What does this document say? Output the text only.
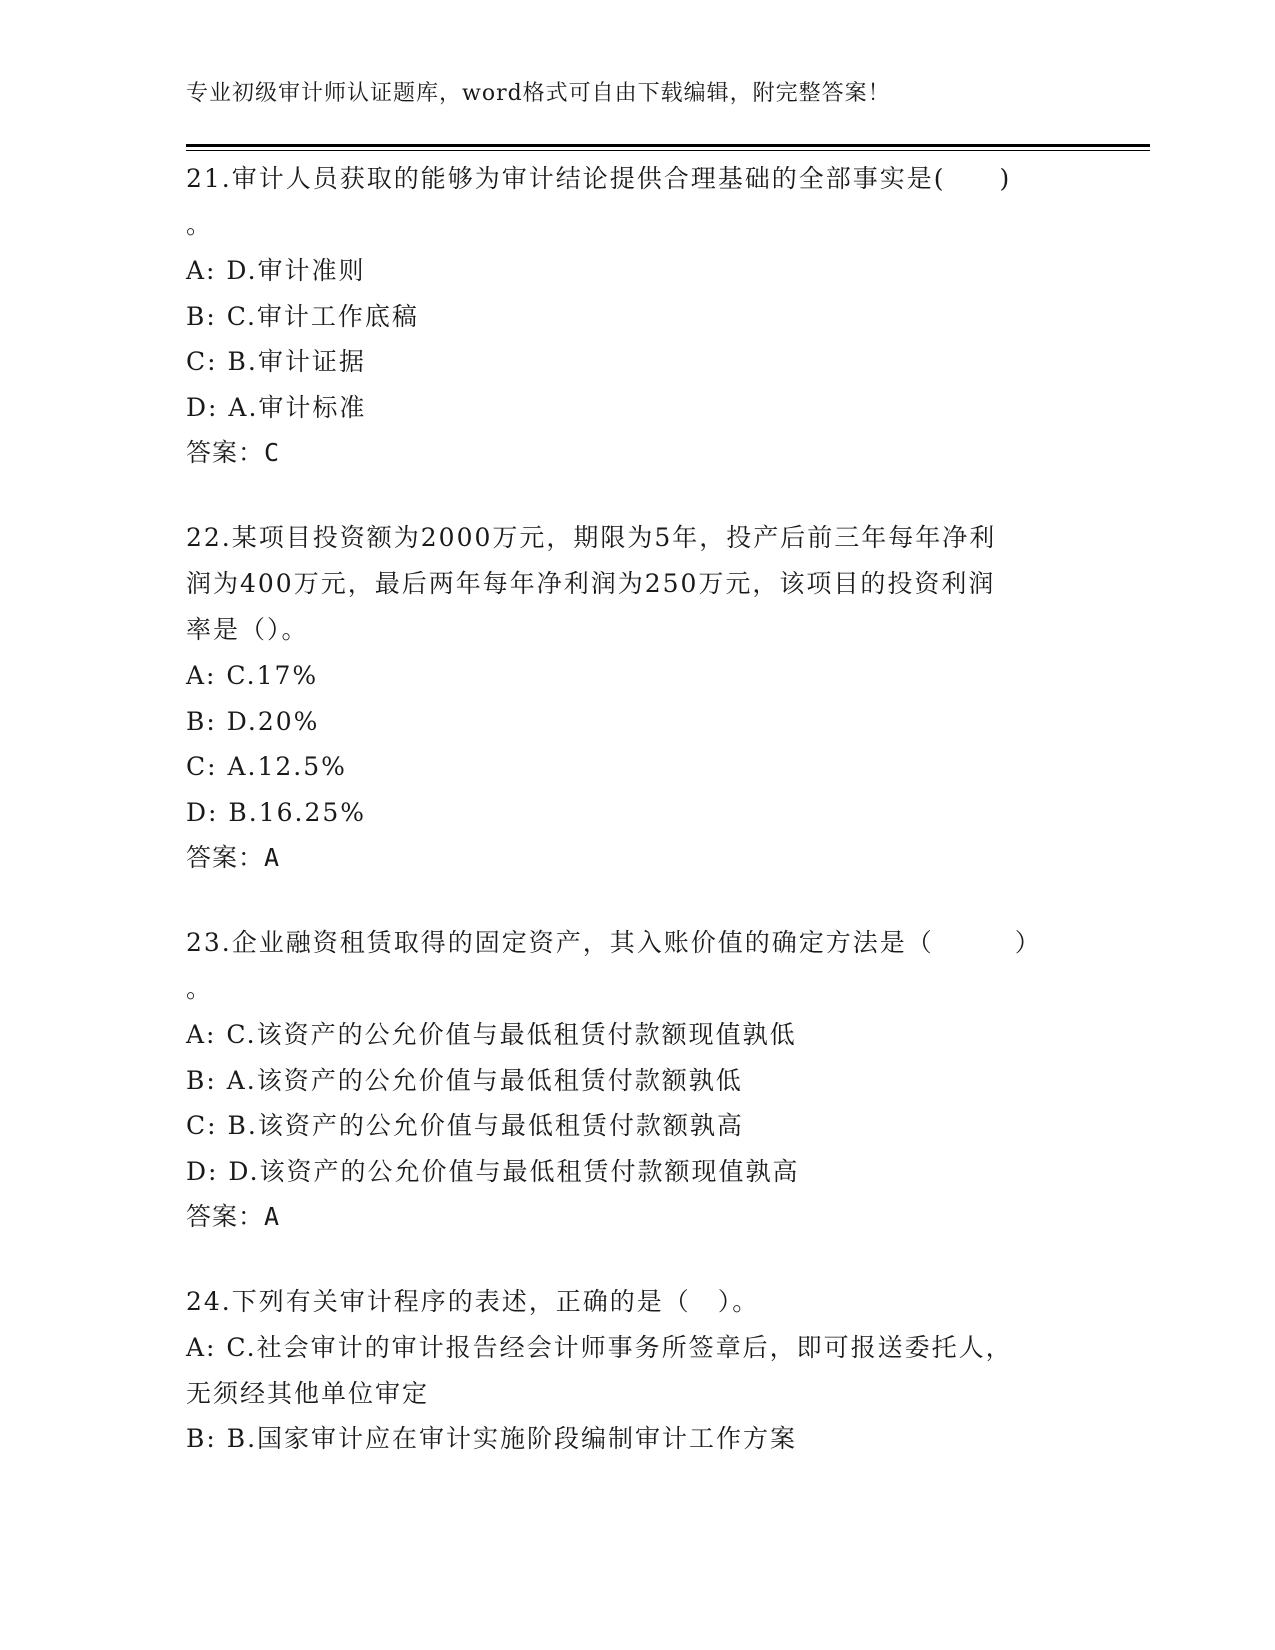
专业初级审计师认证题库，word格式可自由下载编辑，附完整答案！
21.审计人员获取的能够为审计结论提供合理基础的全部事实是(　　)
。
A: D.审计准则
B: C.审计工作底稿
C: B.审计证据
D: A.审计标准
答案：C
22.某项目投资额为2000万元，期限为5年，投产后前三年每年净利
润为400万元，最后两年每年净利润为250万元，该项目的投资利润
率是（）。
A: C.17%
B: D.20%
C: A.12.5%
D: B.16.25%
答案：A
23.企业融资租赁取得的固定资产，其入账价值的确定方法是（　　　）
。
A: C.该资产的公允价值与最低租赁付款额现值孰低
B: A.该资产的公允价值与最低租赁付款额孰低
C: B.该资产的公允价值与最低租赁付款额孰高
D: D.该资产的公允价值与最低租赁付款额现值孰高
答案：A
24.下列有关审计程序的表述，正确的是（　）。
A: C.社会审计的审计报告经会计师事务所签章后，即可报送委托人，
无须经其他单位审定
B: B.国家审计应在审计实施阶段编制审计工作方案
